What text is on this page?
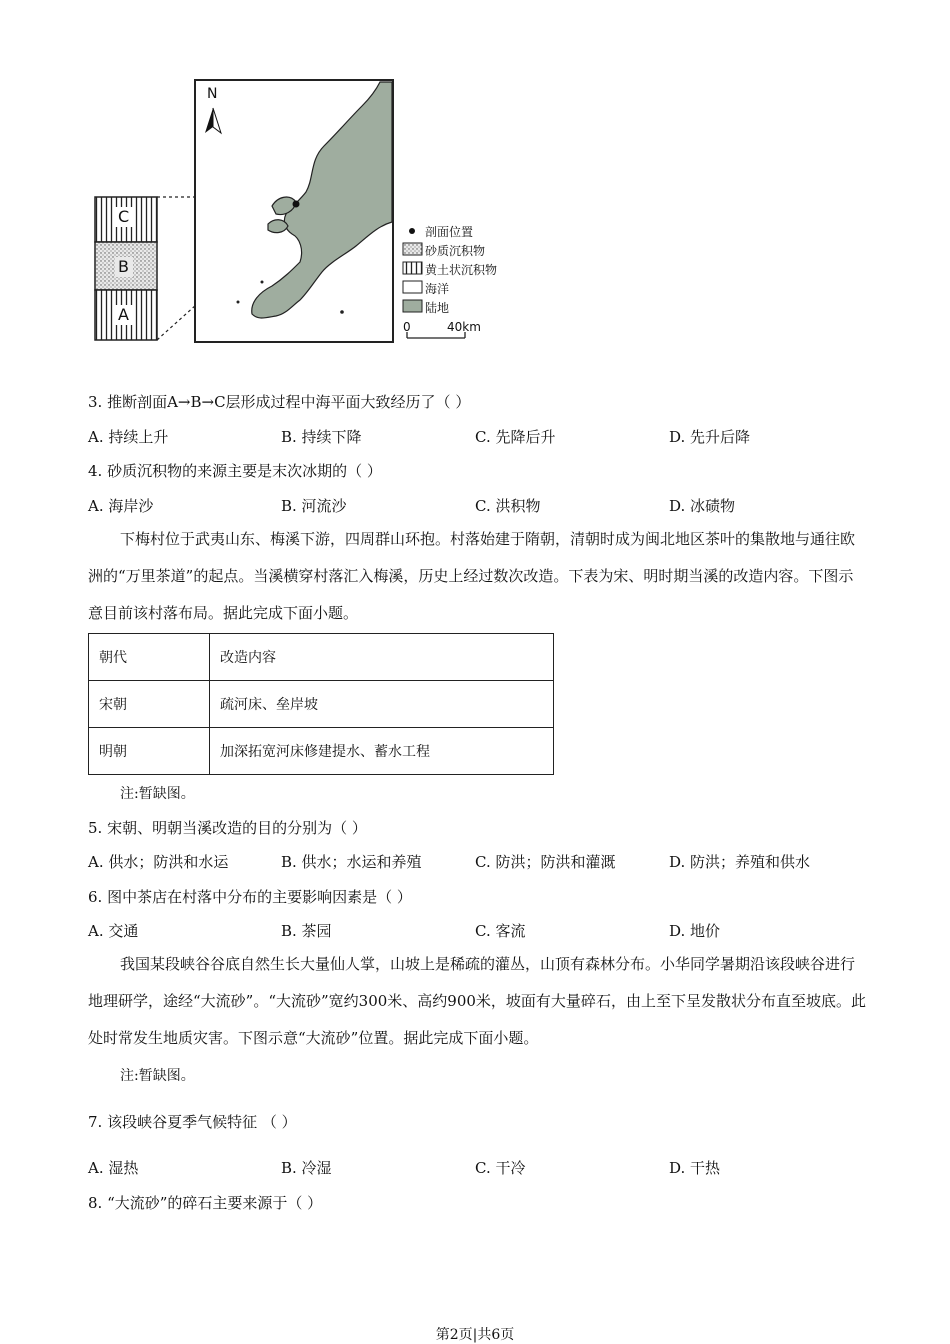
N
C
B
A
剖面位置
砂质沉积物
黄土状沉积物
海洋
陆地
0	40km
3. 推断剖面A→B→C层形成过程中海平面大致经历了（ ）
A. 持续上升	B. 持续下降	C. 先降后升	D. 先升后降
4. 砂质沉积物的来源主要是末次冰期的（ ）
A. 海岸沙	B. 河流沙	C. 洪积物	D. 冰碛物
下梅村位于武夷山东、梅溪下游，四周群山环抱。村落始建于隋朝，清朝时成为闽北地区茶叶的集散地与通往欧洲的“万里茶道”的起点。当溪横穿村落汇入梅溪，历史上经过数次改造。下表为宋、明时期当溪的改造内容。下图示意目前该村落布局。据此完成下面小题。
朝代	改造内容
宋朝	疏河床、垒岸坡
明朝	加深拓宽河床修建提水、蓄水工程
注:暂缺图。
5. 宋朝、明朝当溪改造的目的分别为（ ）
A. 供水；防洪和水运	B. 供水；水运和养殖	C. 防洪；防洪和灌溉	D. 防洪；养殖和供水
6. 图中茶店在村落中分布的主要影响因素是（ ）
A. 交通	B. 茶园	C. 客流	D. 地价
我国某段峡谷谷底自然生长大量仙人掌，山坡上是稀疏的灌丛，山顶有森林分布。小华同学暑期沿该段峡谷进行地理研学，途经“大流砂”。“大流砂”宽约300米、高约900米，坡面有大量碎石，由上至下呈发散状分布直至坡底。此处时常发生地质灾害。下图示意“大流砂”位置。据此完成下面小题。
注:暂缺图。
7. 该段峡谷夏季气候特征 （ ）
A. 湿热	B. 冷湿	C. 干冷	D. 干热
8. “大流砂”的碎石主要来源于（ ）
第2页|共6页
